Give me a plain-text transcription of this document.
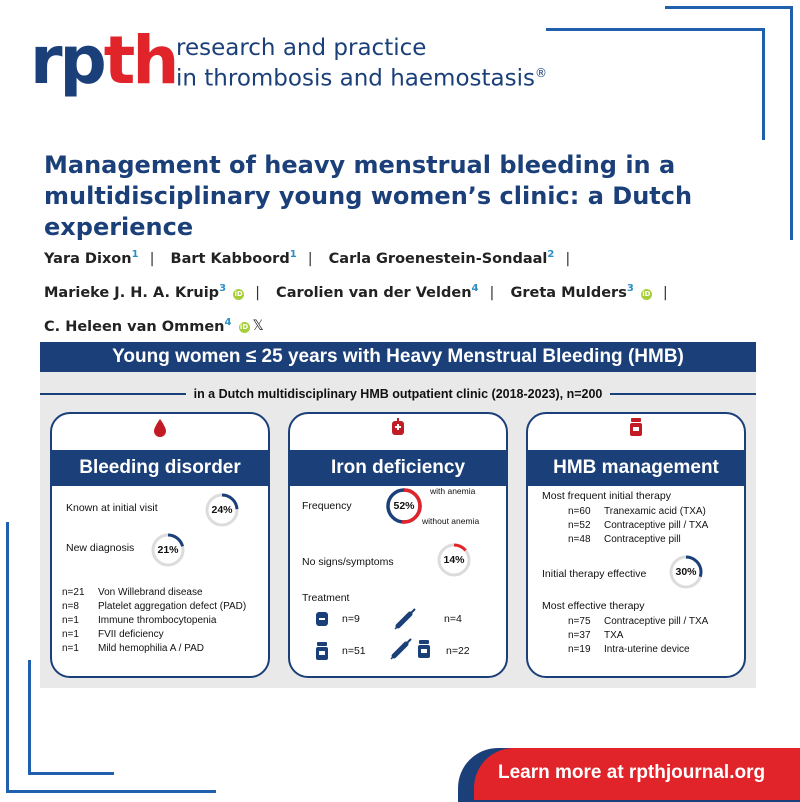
rpth research and practice
in thrombosis and haemostasis®
Management of heavy menstrual bleeding in a multidisciplinary young women’s clinic: a Dutch experience
Yara Dixon$^1$ | Bart Kabboord$^1$ | Carla Groenestein-Sondaal$^2$ |
Marieke J. H. A. Kruip$^3$ iD | Carolien van der Velden$^4$ | Greta Mulders$^3$ iD |
C. Heleen van Ommen$^4$ iD 𝕏
Young women ≤ 25 years with Heavy Menstrual Bleeding (HMB)
in a Dutch multidisciplinary HMB outpatient clinic (2018-2023), n=200
Bleeding disorder
Known at initial visit	24%
New diagnosis	21%
n=21 Von Willebrand disease
n=8 Platelet aggregation defect (PAD)
n=1 Immune thrombocytopenia
n=1 FVII deficiency
n=1 Mild hemophilia A / PAD
Iron deficiency
Frequency	52%
with anemia
without anemia
No signs/symptoms	14%
Treatment
n=9	n=4
n=51	n=22
HMB management
Most frequent initial therapy
n=60 Tranexamic acid (TXA)
n=52 Contraceptive pill / TXA
n=48 Contraceptive pill
Initial therapy effective	30%
Most effective therapy
n=75 Contraceptive pill / TXA
n=37 TXA
n=19 Intra-uterine device
Learn more at rpthjournal.org
